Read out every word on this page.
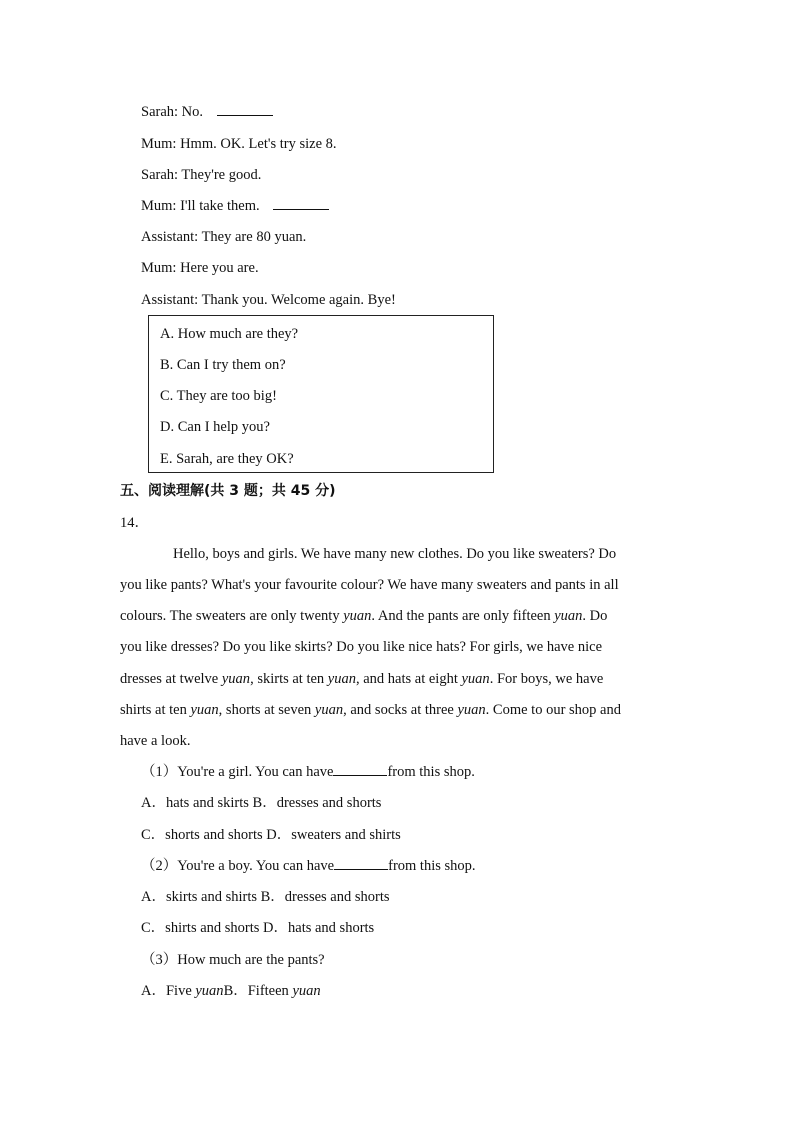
Sarah: No.
Mum: Hmm. OK. Let's try size 8.
Sarah: They're good.
Mum: I'll take them.
Assistant: They are 80 yuan.
Mum: Here you are.
Assistant: Thank you. Welcome again. Bye!
A. How much are they?
B. Can I try them on?
C. They are too big!
D. Can I help you?
E. Sarah, are they OK?
五、阅读理解(共 3 题；共 45 分)
14．
Hello, boys and girls. We have many new clothes. Do you like sweaters? Do
you like pants? What's your favourite colour? We have many sweaters and pants in all
colours. The sweaters are only twenty yuan. And the pants are only fifteen yuan. Do
you like dresses? Do you like skirts? Do you like nice hats? For girls, we have nice
dresses at twelve yuan, skirts at ten yuan, and hats at eight yuan. For boys, we have
shirts at ten yuan, shorts at seven yuan, and socks at three yuan. Come to our shop and
have a look.
（1）You're a girl. You can have	from this shop.
A．hats and skirts B．dresses and shorts
C．shorts and shorts D．sweaters and shirts
（2）You're a boy. You can have	from this shop.
A．skirts and shirts B．dresses and shorts
C．shirts and shorts D．hats and shorts
（3）How much are the pants?
A．Five yuanB．Fifteen yuan
